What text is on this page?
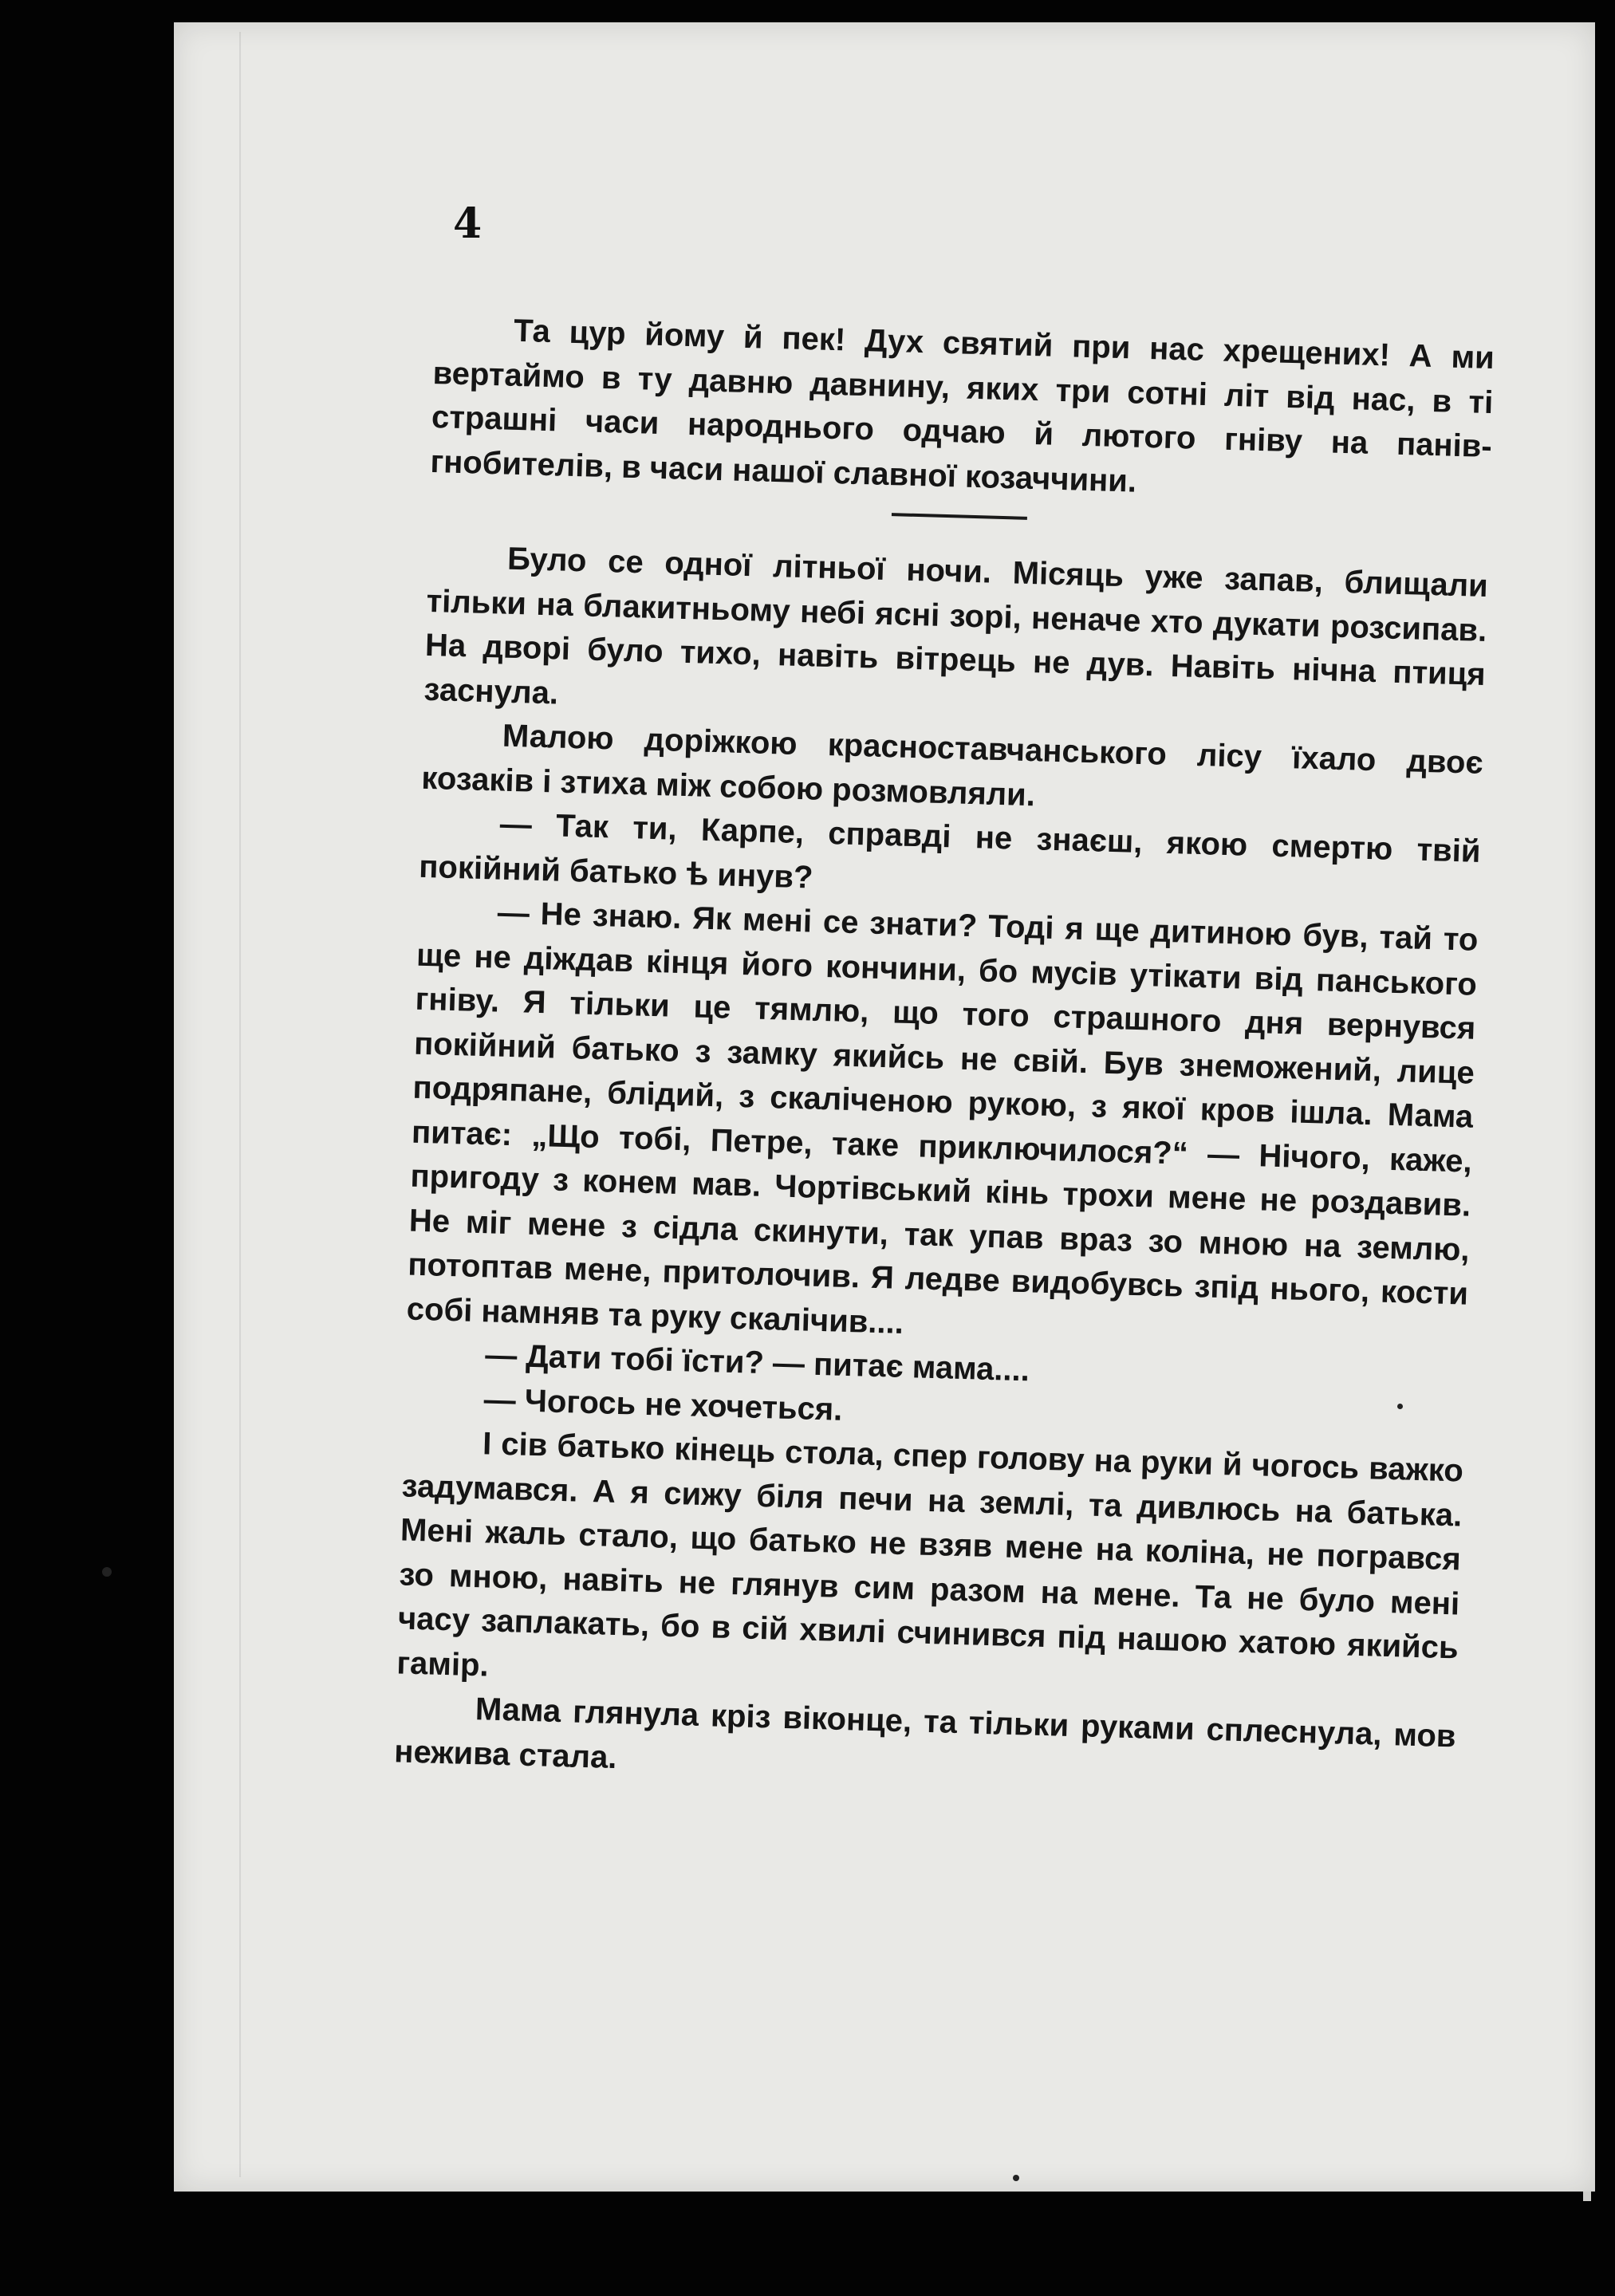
4

Та цур йому й пек! Дух святий при нас хрещених! А ми вертаймо в ту давню давнину, яких три сотні літ від нас, в ті страшні часи народнього одчаю й лютого гніву на панів-гнобителів, в часи нашої славної козаччини.

Було се одної літньої ночи. Місяць уже запав, блищали тільки на блакитньому небі ясні зорі, неначе хто дукати розсипав. На дворі було тихо, навіть вітрець не дув. Навіть нічна птиця заснула.

Малою доріжкою красноставчанського лісу їхало двоє козаків і зтиха між собою розмовляли.

— Так ти, Карпе, справді не знаєш, якою смертю твій покійний батько ѣ инув?

— Не знаю. Як мені се знати? Тоді я ще дитиною був, тай то ще не діждав кінця його кончини, бо мусів утікати від панського гніву. Я тільки це тямлю, що того страшного дня вернувся покійний батько з замку якийсь не свій. Був знеможений, лице подряпане, блідий, з скаліченою рукою, з якої кров ішла. Мама питає: „Що тобі, Петре, таке приключилося?“ — Нічого, каже, пригоду з конем мав. Чортівський кінь трохи мене не роздавив. Не міг мене з сідла скинути, так упав враз зо мною на землю, потоптав мене, притолочив. Я ледве видобувсь зпід нього, кости собі намняв та руку скалічив....

— Дати тобі їсти? — питає мама....

— Чогось не хочеться.

І сів батько кінець стола, спер голову на руки й чогось важко задумався. А я сижу біля печи на землі, та дивлюсь на батька. Мені жаль стало, що батько не взяв мене на коліна, не погрався зо мною, навіть не глянув сим разом на мене. Та не було мені часу заплакать, бо в сій хвилі счинився під нашою хатою якийсь гамір.

Мама глянула кріз віконце, та тільки руками сплеснула, мов нежива стала.
